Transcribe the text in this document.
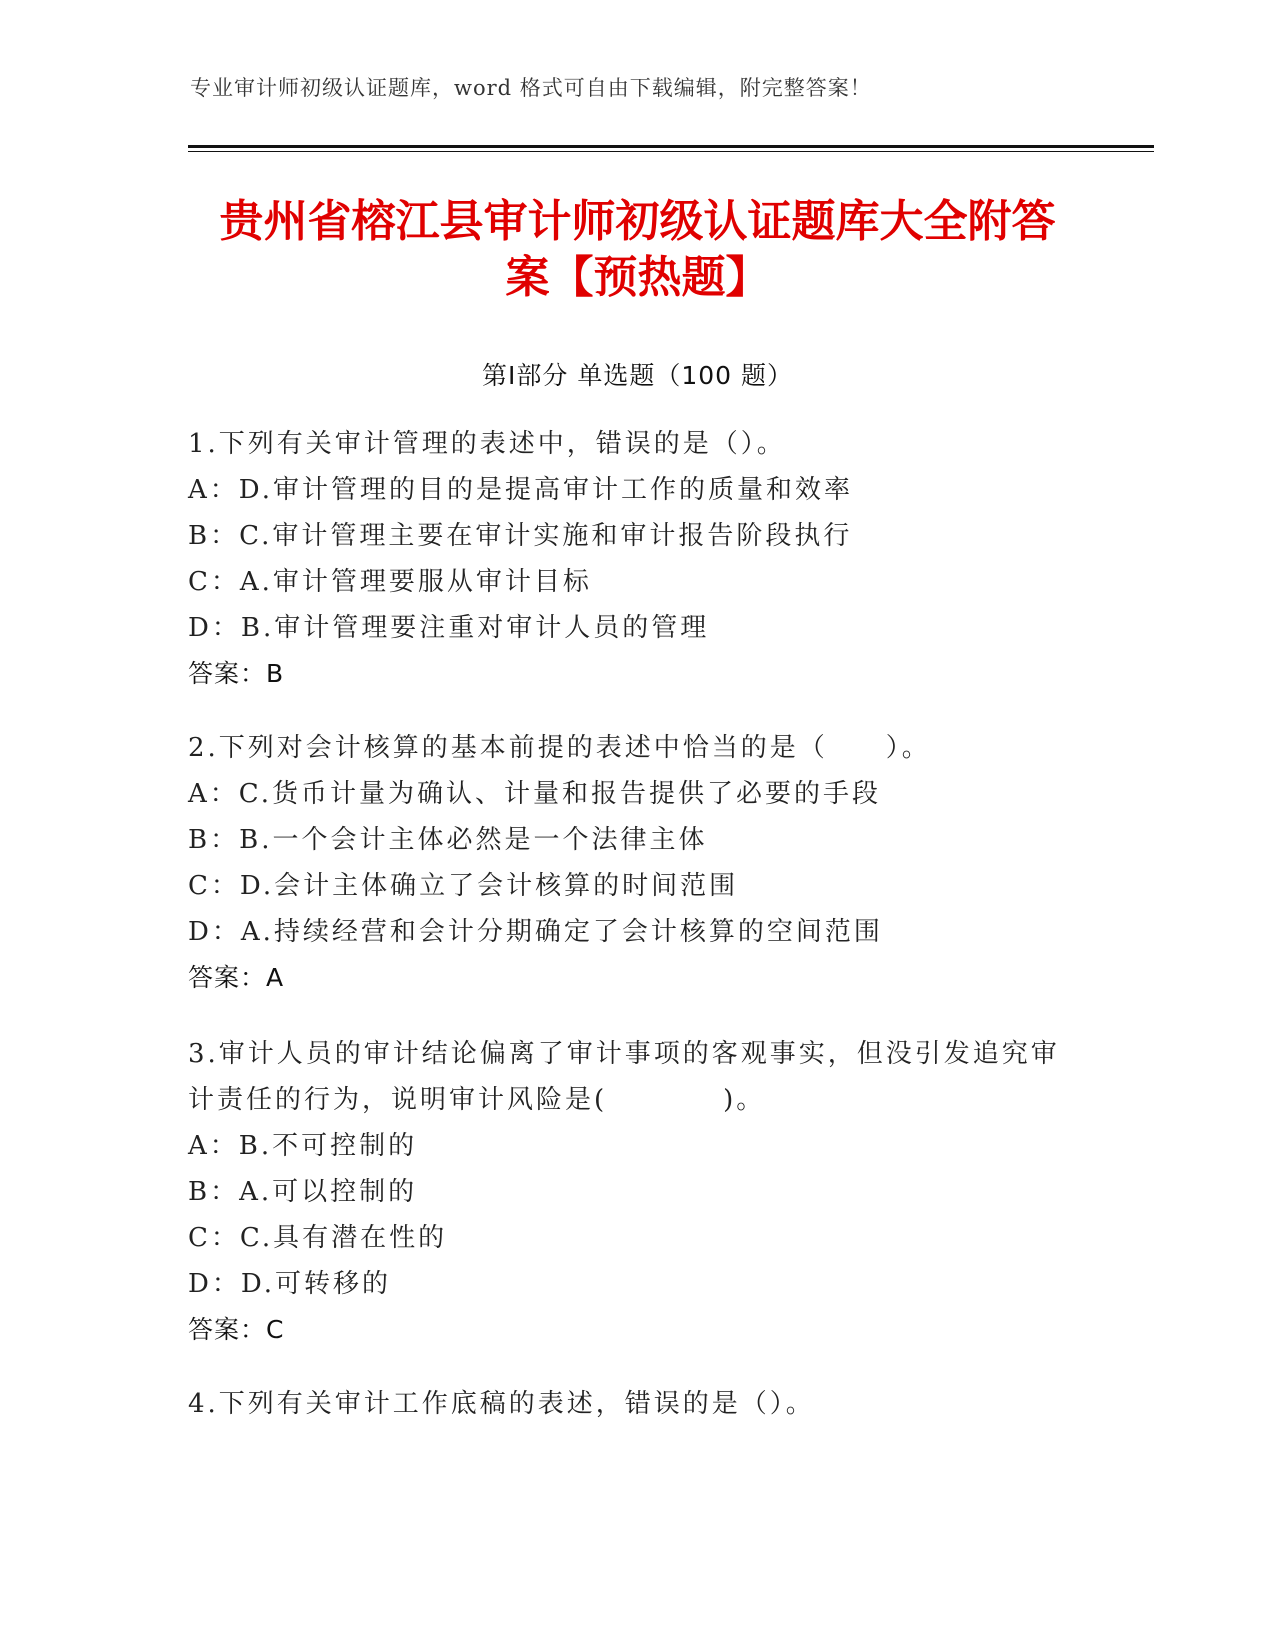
专业审计师初级认证题库，word 格式可自由下载编辑，附完整答案！
贵州省榕江县审计师初级认证题库大全附答
案【预热题】
第Ⅰ部分 单选题（100 题）
1.下列有关审计管理的表述中，错误的是（）。
A：D.审计管理的目的是提高审计工作的质量和效率
B：C.审计管理主要在审计实施和审计报告阶段执行
C：A.审计管理要服从审计目标
D：B.审计管理要注重对审计人员的管理
答案：B
2.下列对会计核算的基本前提的表述中恰当的是（　　）。
A：C.货币计量为确认、计量和报告提供了必要的手段
B：B.一个会计主体必然是一个法律主体
C：D.会计主体确立了会计核算的时间范围
D：A.持续经营和会计分期确定了会计核算的空间范围
答案：A
3.审计人员的审计结论偏离了审计事项的客观事实，但没引发追究审
计责任的行为，说明审计风险是(　　　　)。
A：B.不可控制的
B：A.可以控制的
C：C.具有潜在性的
D：D.可转移的
答案：C
4.下列有关审计工作底稿的表述，错误的是（）。
